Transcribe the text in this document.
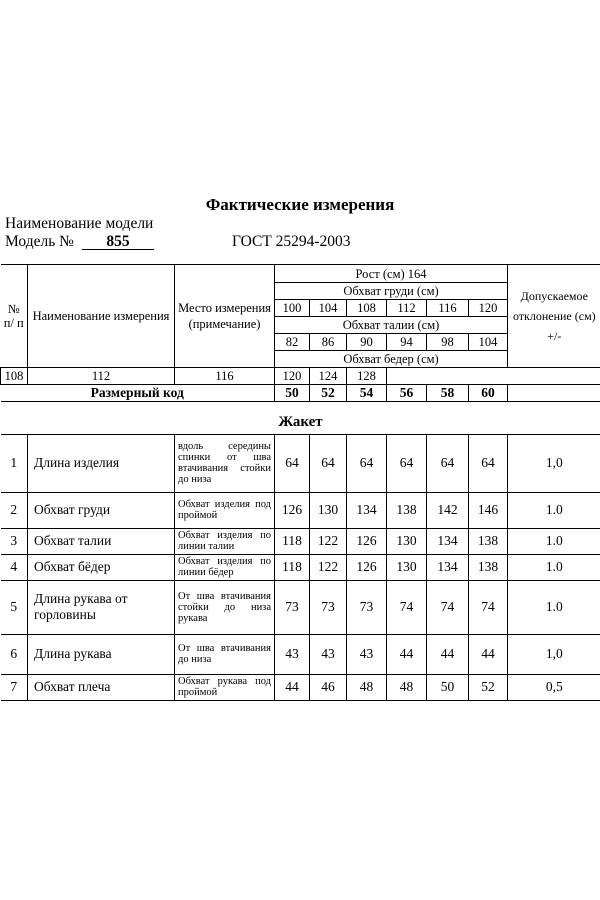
Фактические измерения
Наименование модели
Модель № 855	ГОСТ 25294-2003
№ п/ п	Наименование измерения	Место измерения (примечание)	Рост (см) 164						Допускаемое отклонение (см) +/-
			Обхват груди (см)						
			100	104	108	112	116	120	
			Обхват талии (см)						
			82	86	90	94	98	104	
			Обхват бедер (см)						
108	112	116	120	124	128				
Размерный код			50	52	54	56	58	60	

Жакет									
1	Длина изделия	вдоль середины спинки от шва втачивания стойки до низа	64	64	64	64	64	64	1,0
2	Обхват груди	Обхват изделия под проймой	126	130	134	138	142	146	1.0
3	Обхват талии	Обхват изделия по линии талии	118	122	126	130	134	138	1.0
4	Обхват бёдер	Обхват изделия по линии бёдер	118	122	126	130	134	138	1.0
5	Длина рукава от горловины	От шва втачивания стойки до низа рукава	73	73	73	74	74	74	1.0
6	Длина рукава	От шва втачивания до низа	43	43	43	44	44	44	1,0
7	Обхват плеча	Обхват рукава под проймой	44	46	48	48	50	52	0,5
